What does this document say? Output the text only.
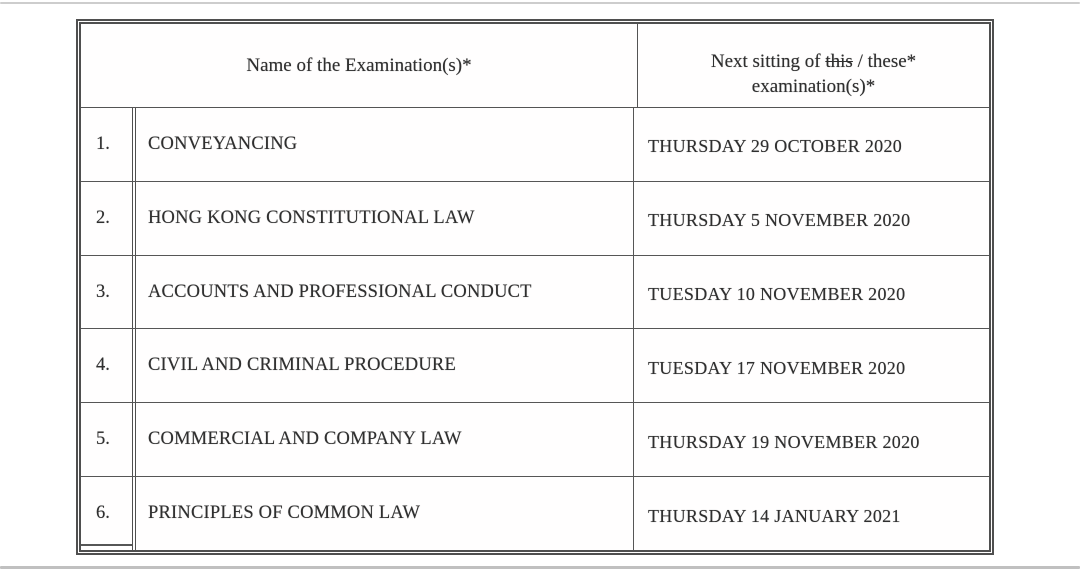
Name of the Examination(s)*	Next sitting of this / these*
examination(s)*
1.	CONVEYANCING	THURSDAY 29 OCTOBER 2020
2.	HONG KONG CONSTITUTIONAL LAW	THURSDAY 5 NOVEMBER 2020
3.	ACCOUNTS AND PROFESSIONAL CONDUCT	TUESDAY 10 NOVEMBER 2020
4.	CIVIL AND CRIMINAL PROCEDURE	TUESDAY 17 NOVEMBER 2020
5.	COMMERCIAL AND COMPANY LAW	THURSDAY 19 NOVEMBER 2020
6.	PRINCIPLES OF COMMON LAW	THURSDAY 14 JANUARY 2021
